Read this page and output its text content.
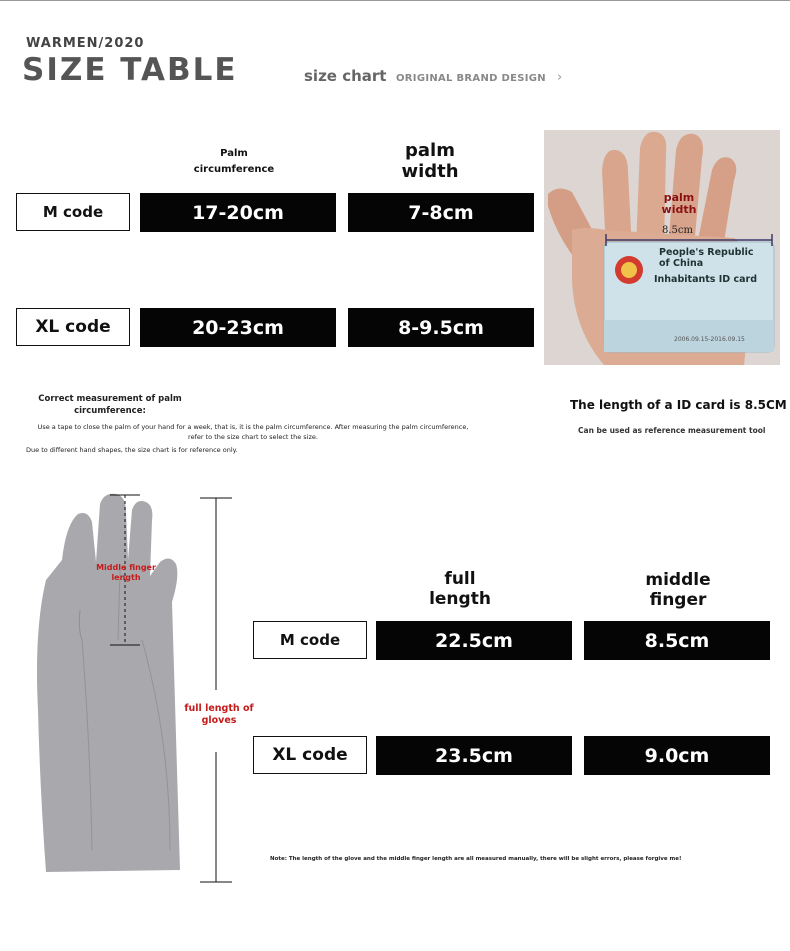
WARMEN/2020
SIZE TABLE	size chart ORIGINAL BRAND DESIGN ›
Palm
circumference
palm
width
M code	17-20cm	7-8cm
XL code	20-23cm	8-9.5cm
palm
width
8.5cm
People's Republic
of China
Inhabitants ID card
2006.09.15-2016.09.15
Correct measurement of palm
circumference:
Use a tape to close the palm of your hand for a week, that is, it is the palm circumference. After measuring the palm circumference,
refer to the size chart to select the size.
Due to different hand shapes, the size chart is for reference only.
The length of a ID card is 8.5CM
Can be used as reference measurement tool
Middle finger
length
full length of
gloves
full
length
middle
finger
M code	22.5cm	8.5cm
XL code	23.5cm	9.0cm
Note: The length of the glove and the middle finger length are all measured manually, there will be slight errors, please forgive me!
